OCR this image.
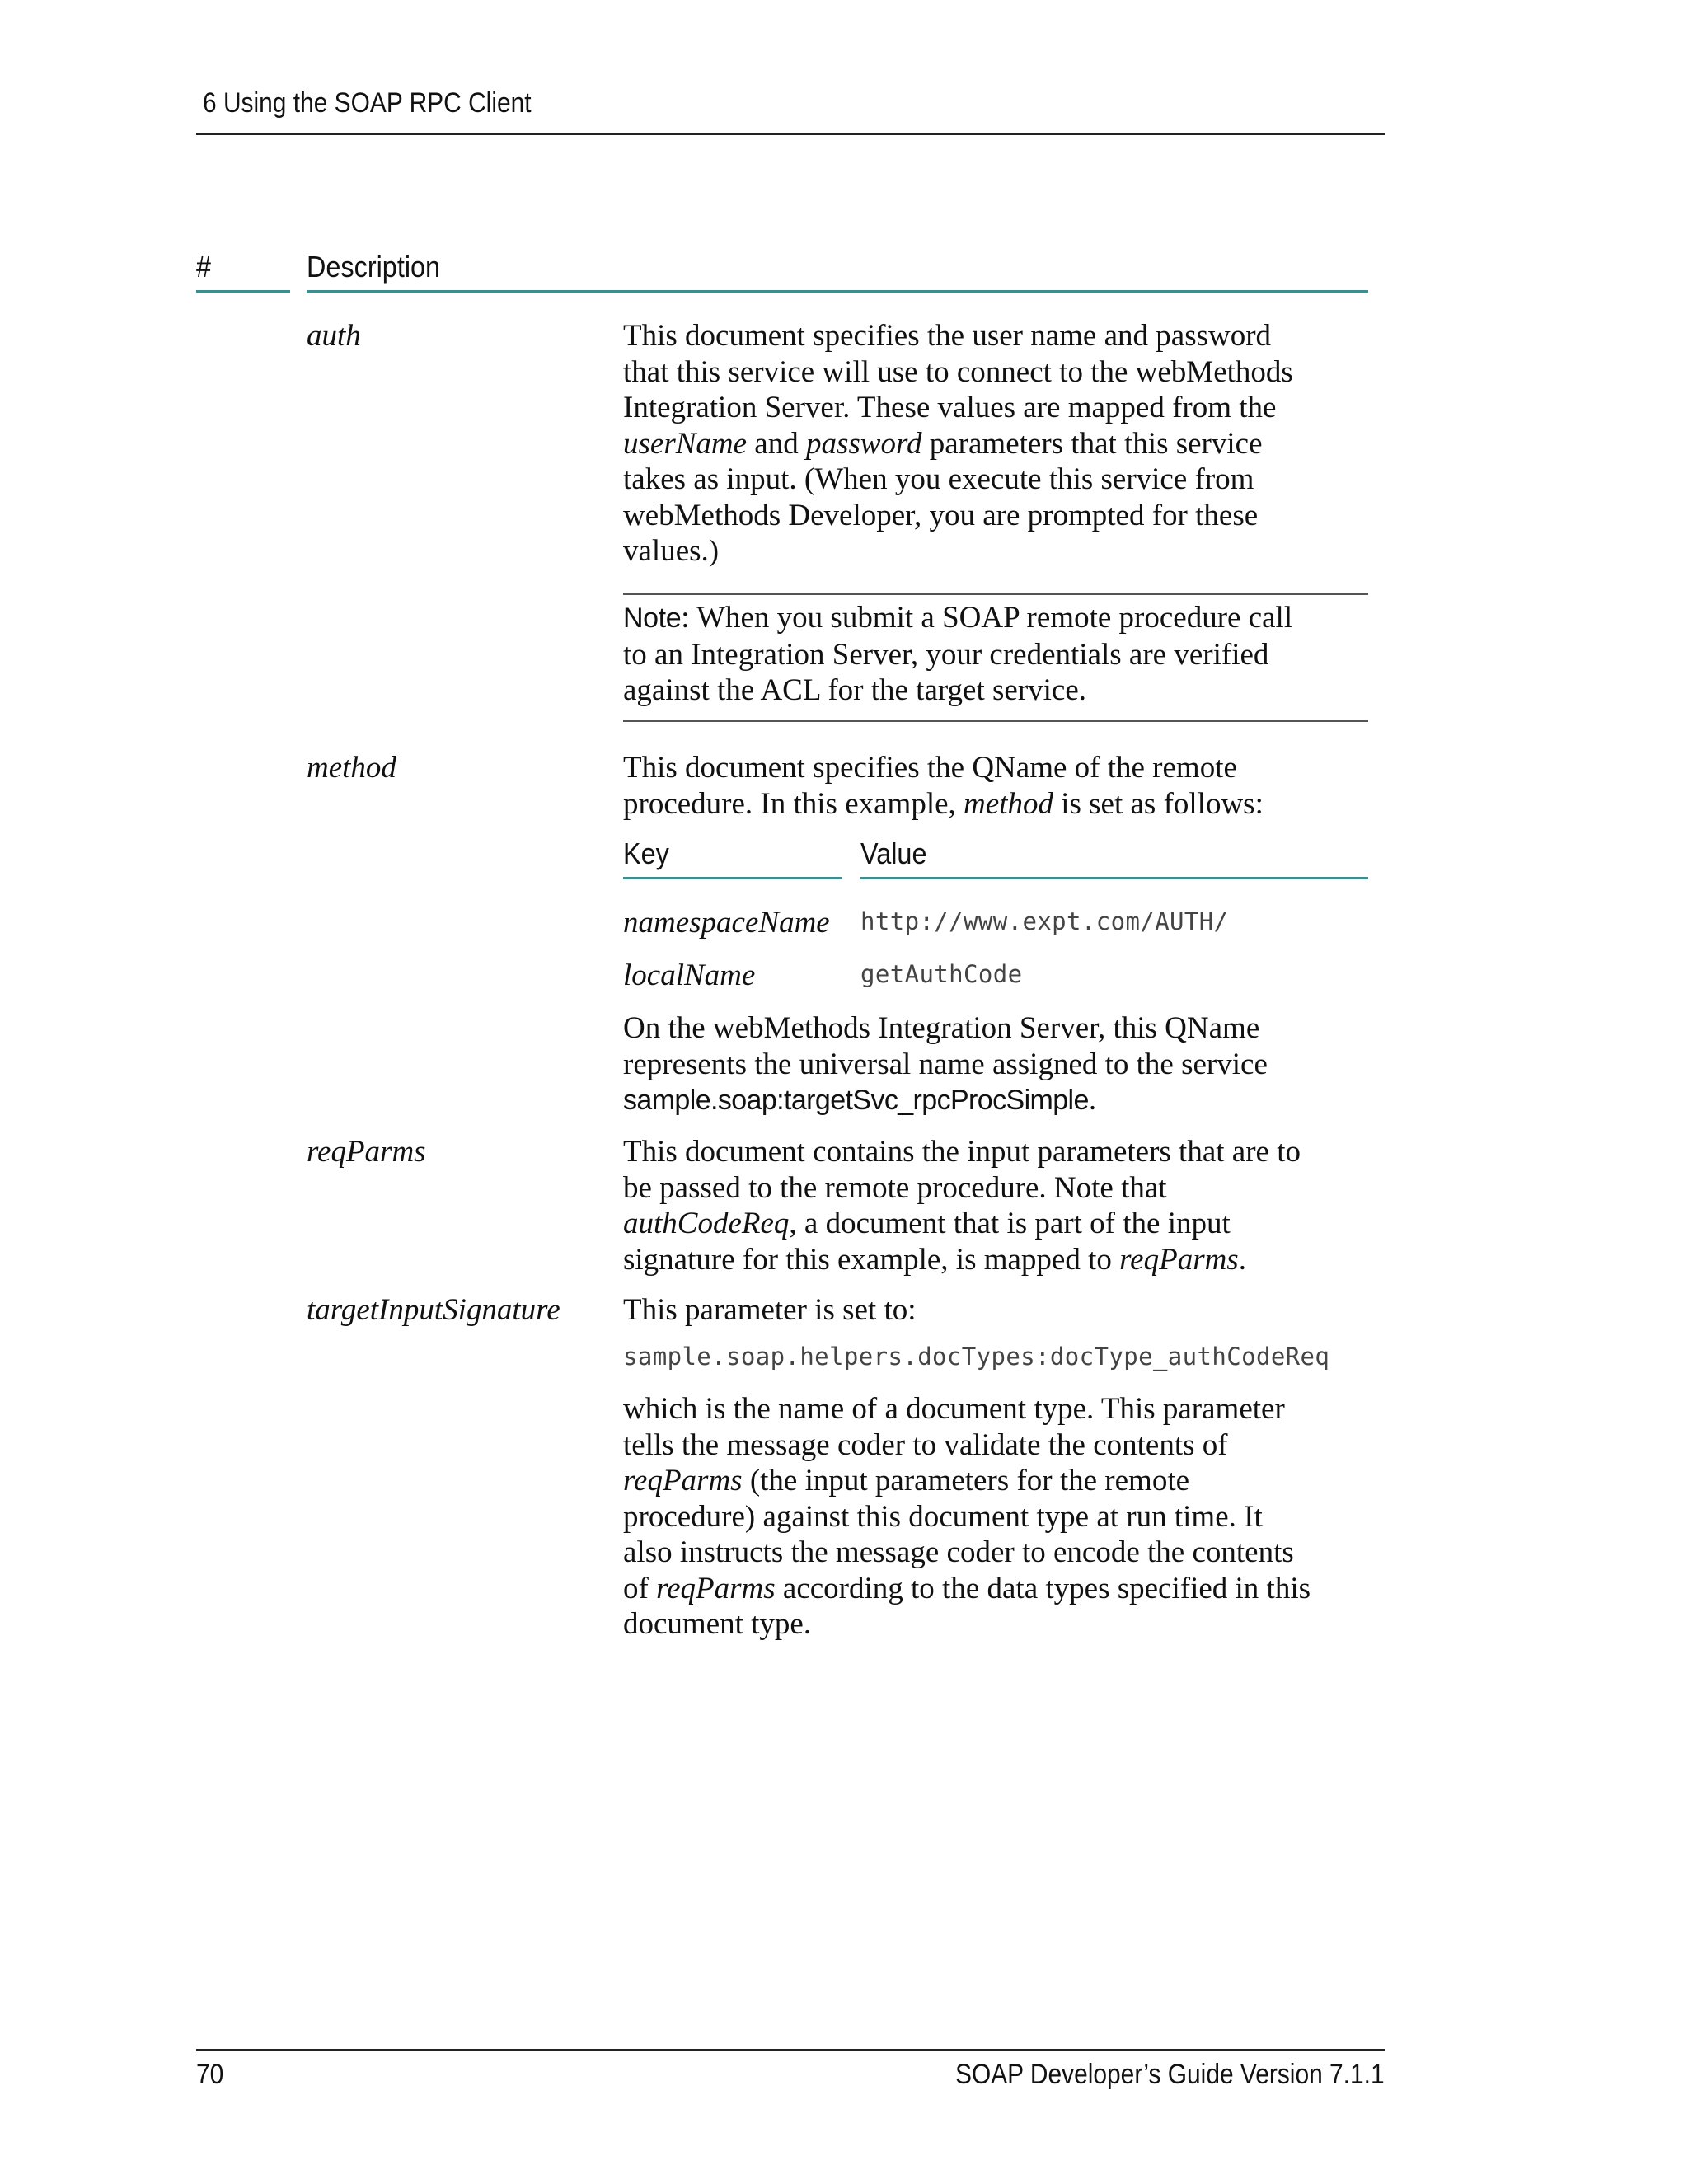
6 Using the SOAP RPC Client
#	Description
auth	This document specifies the user name and password
that this service will use to connect to the webMethods
Integration Server. These values are mapped from the
userName and password parameters that this service
takes as input. (When you execute this service from
webMethods Developer, you are prompted for these
values.)
Note: When you submit a SOAP remote procedure call
to an Integration Server, your credentials are verified
against the ACL for the target service.
method	This document specifies the QName of the remote
procedure. In this example, method is set as follows:
Key	Value
namespaceName http://www.expt.com/AUTH/
localName	getAuthCode
On the webMethods Integration Server, this QName
represents the universal name assigned to the service
sample.soap:targetSvc_rpcProcSimple.
reqParms	This document contains the input parameters that are to
be passed to the remote procedure. Note that
authCodeReq, a document that is part of the input
signature for this example, is mapped to reqParms.
targetInputSignature This parameter is set to:
sample.soap.helpers.docTypes:docType_authCodeReq
which is the name of a document type. This parameter
tells the message coder to validate the contents of
reqParms (the input parameters for the remote
procedure) against this document type at run time. It
also instructs the message coder to encode the contents
of reqParms according to the data types specified in this
document type.
70	SOAP Developer’s Guide Version 7.1.1
